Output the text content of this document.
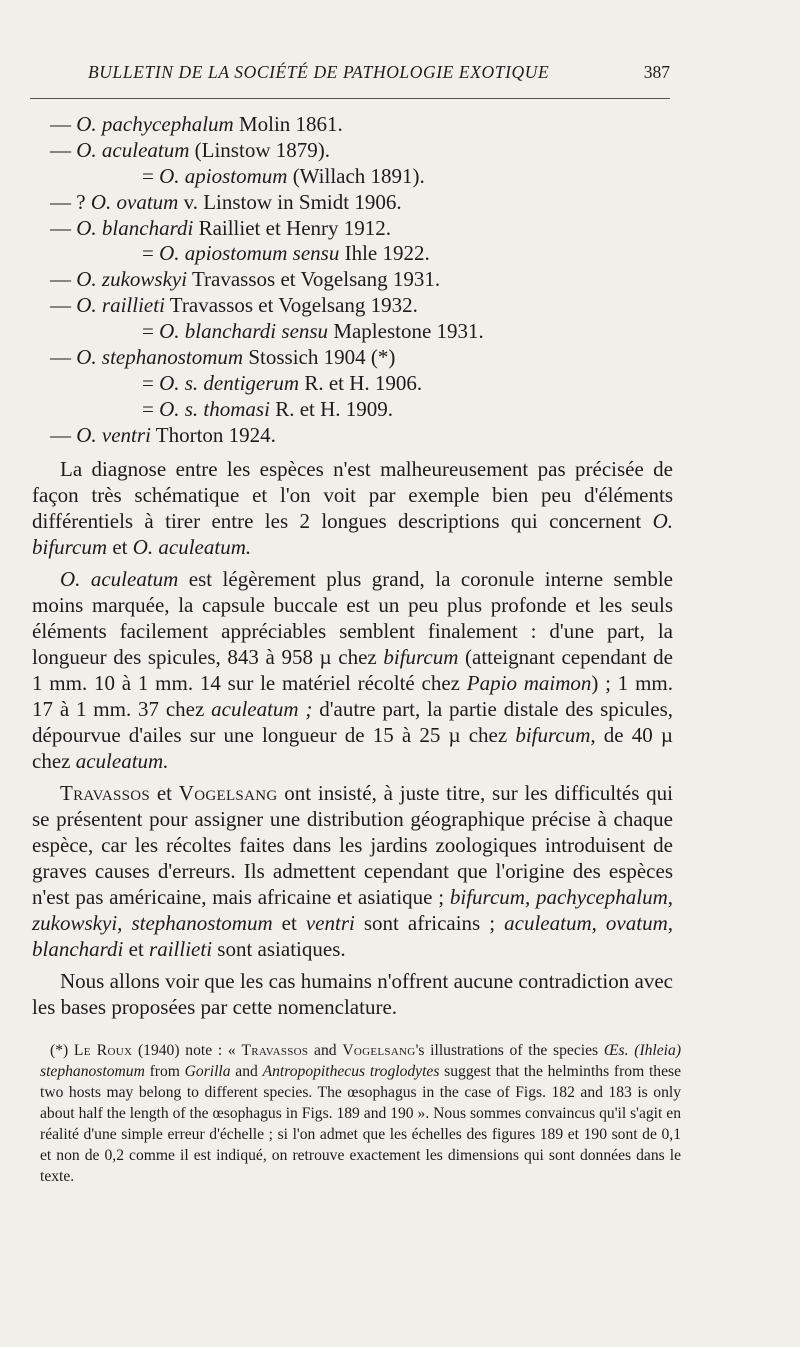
BULLETIN DE LA SOCIÉTÉ DE PATHOLOGIE EXOTIQUE	387
— O. pachycephalum Molin 1861.
— O. aculeatum (Linstow 1879).
= O. apiostomum (Willach 1891).
— ? O. ovatum v. Linstow in Smidt 1906.
— O. blanchardi Railliet et Henry 1912.
= O. apiostomum sensu Ihle 1922.
— O. zukowskyi Travassos et Vogelsang 1931.
— O. raillieti Travassos et Vogelsang 1932.
= O. blanchardi sensu Maplestone 1931.
— O. stephanostomum Stossich 1904 (*)
= O. s. dentigerum R. et H. 1906.
= O. s. thomasi R. et H. 1909.
— O. ventri Thorton 1924.

La diagnose entre les espèces n'est malheureusement pas précisée de façon très schématique et l'on voit par exemple bien peu d'éléments différentiels à tirer entre les 2 longues descriptions qui concernent O. bifurcum et O. aculeatum.

O. aculeatum est légèrement plus grand, la coronule interne semble moins marquée, la capsule buccale est un peu plus profonde et les seuls éléments facilement appréciables semblent finalement : d'une part, la longueur des spicules, 843 à 958 µ chez bifurcum (atteignant cependant de 1 mm. 10 à 1 mm. 14 sur le matériel récolté chez Papio maimon) ; 1 mm. 17 à 1 mm. 37 chez aculeatum ; d'autre part, la partie distale des spicules, dépourvue d'ailes sur une longueur de 15 à 25 µ chez bifurcum, de 40 µ chez aculeatum.

Travassos et Vogelsang ont insisté, à juste titre, sur les difficultés qui se présentent pour assigner une distribution géographique précise à chaque espèce, car les récoltes faites dans les jardins zoologiques introduisent de graves causes d'erreurs. Ils admettent cependant que l'origine des espèces n'est pas américaine, mais africaine et asiatique ; bifurcum, pachycephalum, zukowskyi, stephanostomum et ventri sont africains ; aculeatum, ovatum, blanchardi et raillieti sont asiatiques.

Nous allons voir que les cas humains n'offrent aucune contradiction avec les bases proposées par cette nomenclature.

(*) Le Roux (1940) note : « Travassos and Vogelsang's illustrations of the species Œs. (Ihleia) stephanostomum from Gorilla and Antropopithecus troglodytes suggest that the helminths from these two hosts may belong to different species. The œsophagus in the case of Figs. 182 and 183 is only about half the length of the œsophagus in Figs. 189 and 190 ». Nous sommes convaincus qu'il s'agit en réalité d'une simple erreur d'échelle ; si l'on admet que les échelles des figures 189 et 190 sont de 0,1 et non de 0,2 comme il est indiqué, on retrouve exactement les dimensions qui sont données dans le texte.
